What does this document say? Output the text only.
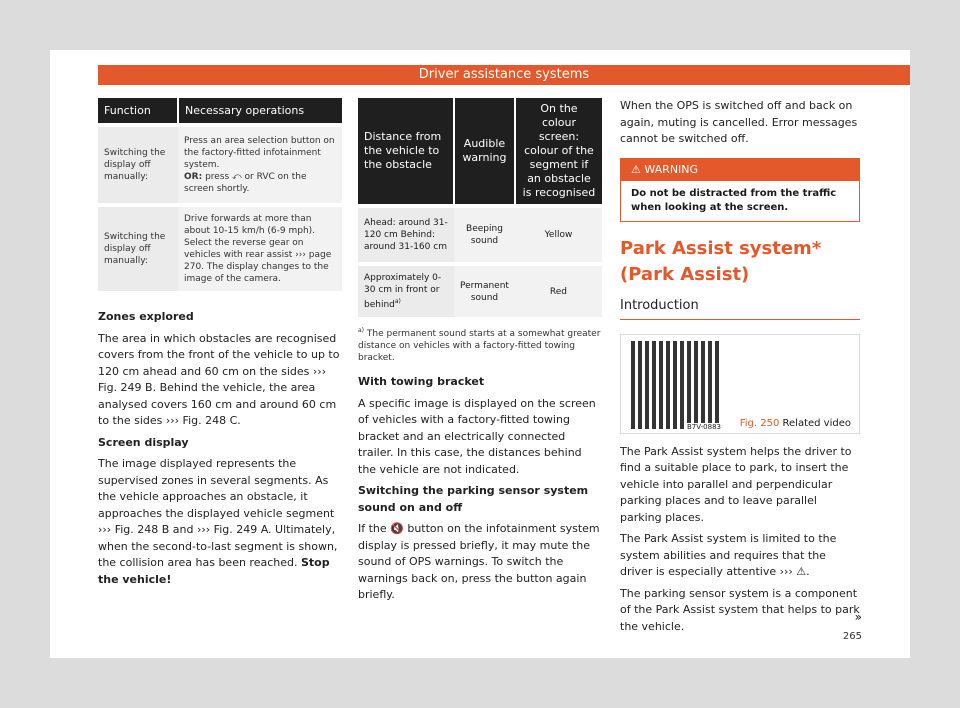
Driver assistance systems
Function	Necessary operations
Switching the display off manually:	Press an area selection button on the factory-fitted infotainment system.
OR: press ⤺ or RVC on the screen shortly.
Switching the display off manually:	Drive forwards at more than about 10-15 km/h (6-9 mph). Select the reverse gear on vehicles with rear assist ››› page 270. The display changes to the image of the camera.

Zones explored

The area in which obstacles are recognised covers from the front of the vehicle to up to 120 cm ahead and 60 cm on the sides ››› Fig. 249 B. Behind the vehicle, the area analysed covers 160 cm and around 60 cm to the sides ››› Fig. 248 C.

Screen display

The image displayed represents the supervised zones in several segments. As the vehicle approaches an obstacle, it approaches the displayed vehicle segment ››› Fig. 248 B and ››› Fig. 249 A. Ultimately, when the second-to-last segment is shown, the collision area has been reached. Stop the vehicle!

Distance from the vehicle to the obstacle	Audible warning	On the colour screen: colour of the segment if an obstacle is recognised
Ahead: around 31-120 cm Behind: around 31-160 cm	Beeping sound	Yellow
Approximately 0-30 cm in front or behind$^{a)}$	Permanent sound	Red

$^{a)}$ The permanent sound starts at a somewhat greater distance on vehicles with a factory-fitted towing bracket.

With towing bracket

A specific image is displayed on the screen of vehicles with a factory-fitted towing bracket and an electrically connected trailer. In this case, the distances behind the vehicle are not indicated.

Switching the parking sensor system sound on and off

If the 🔇 button on the infotainment system display is pressed briefly, it may mute the sound of OPS warnings. To switch the warnings back on, press the button again briefly.

When the OPS is switched off and back on again, muting is cancelled. Error messages cannot be switched off.
⚠ WARNING
Do not be distracted from the traffic when looking at the screen.
Park Assist system* (Park Assist)
Introduction
B7V-0883 Fig. 250 Related video

The Park Assist system helps the driver to find a suitable place to park, to insert the vehicle into parallel and perpendicular parking places and to leave parallel parking places.

The Park Assist system is limited to the system abilities and requires that the driver is especially attentive ››› ⚠.

The parking sensor system is a component of the Park Assist system that helps to park the vehicle.

»
265
